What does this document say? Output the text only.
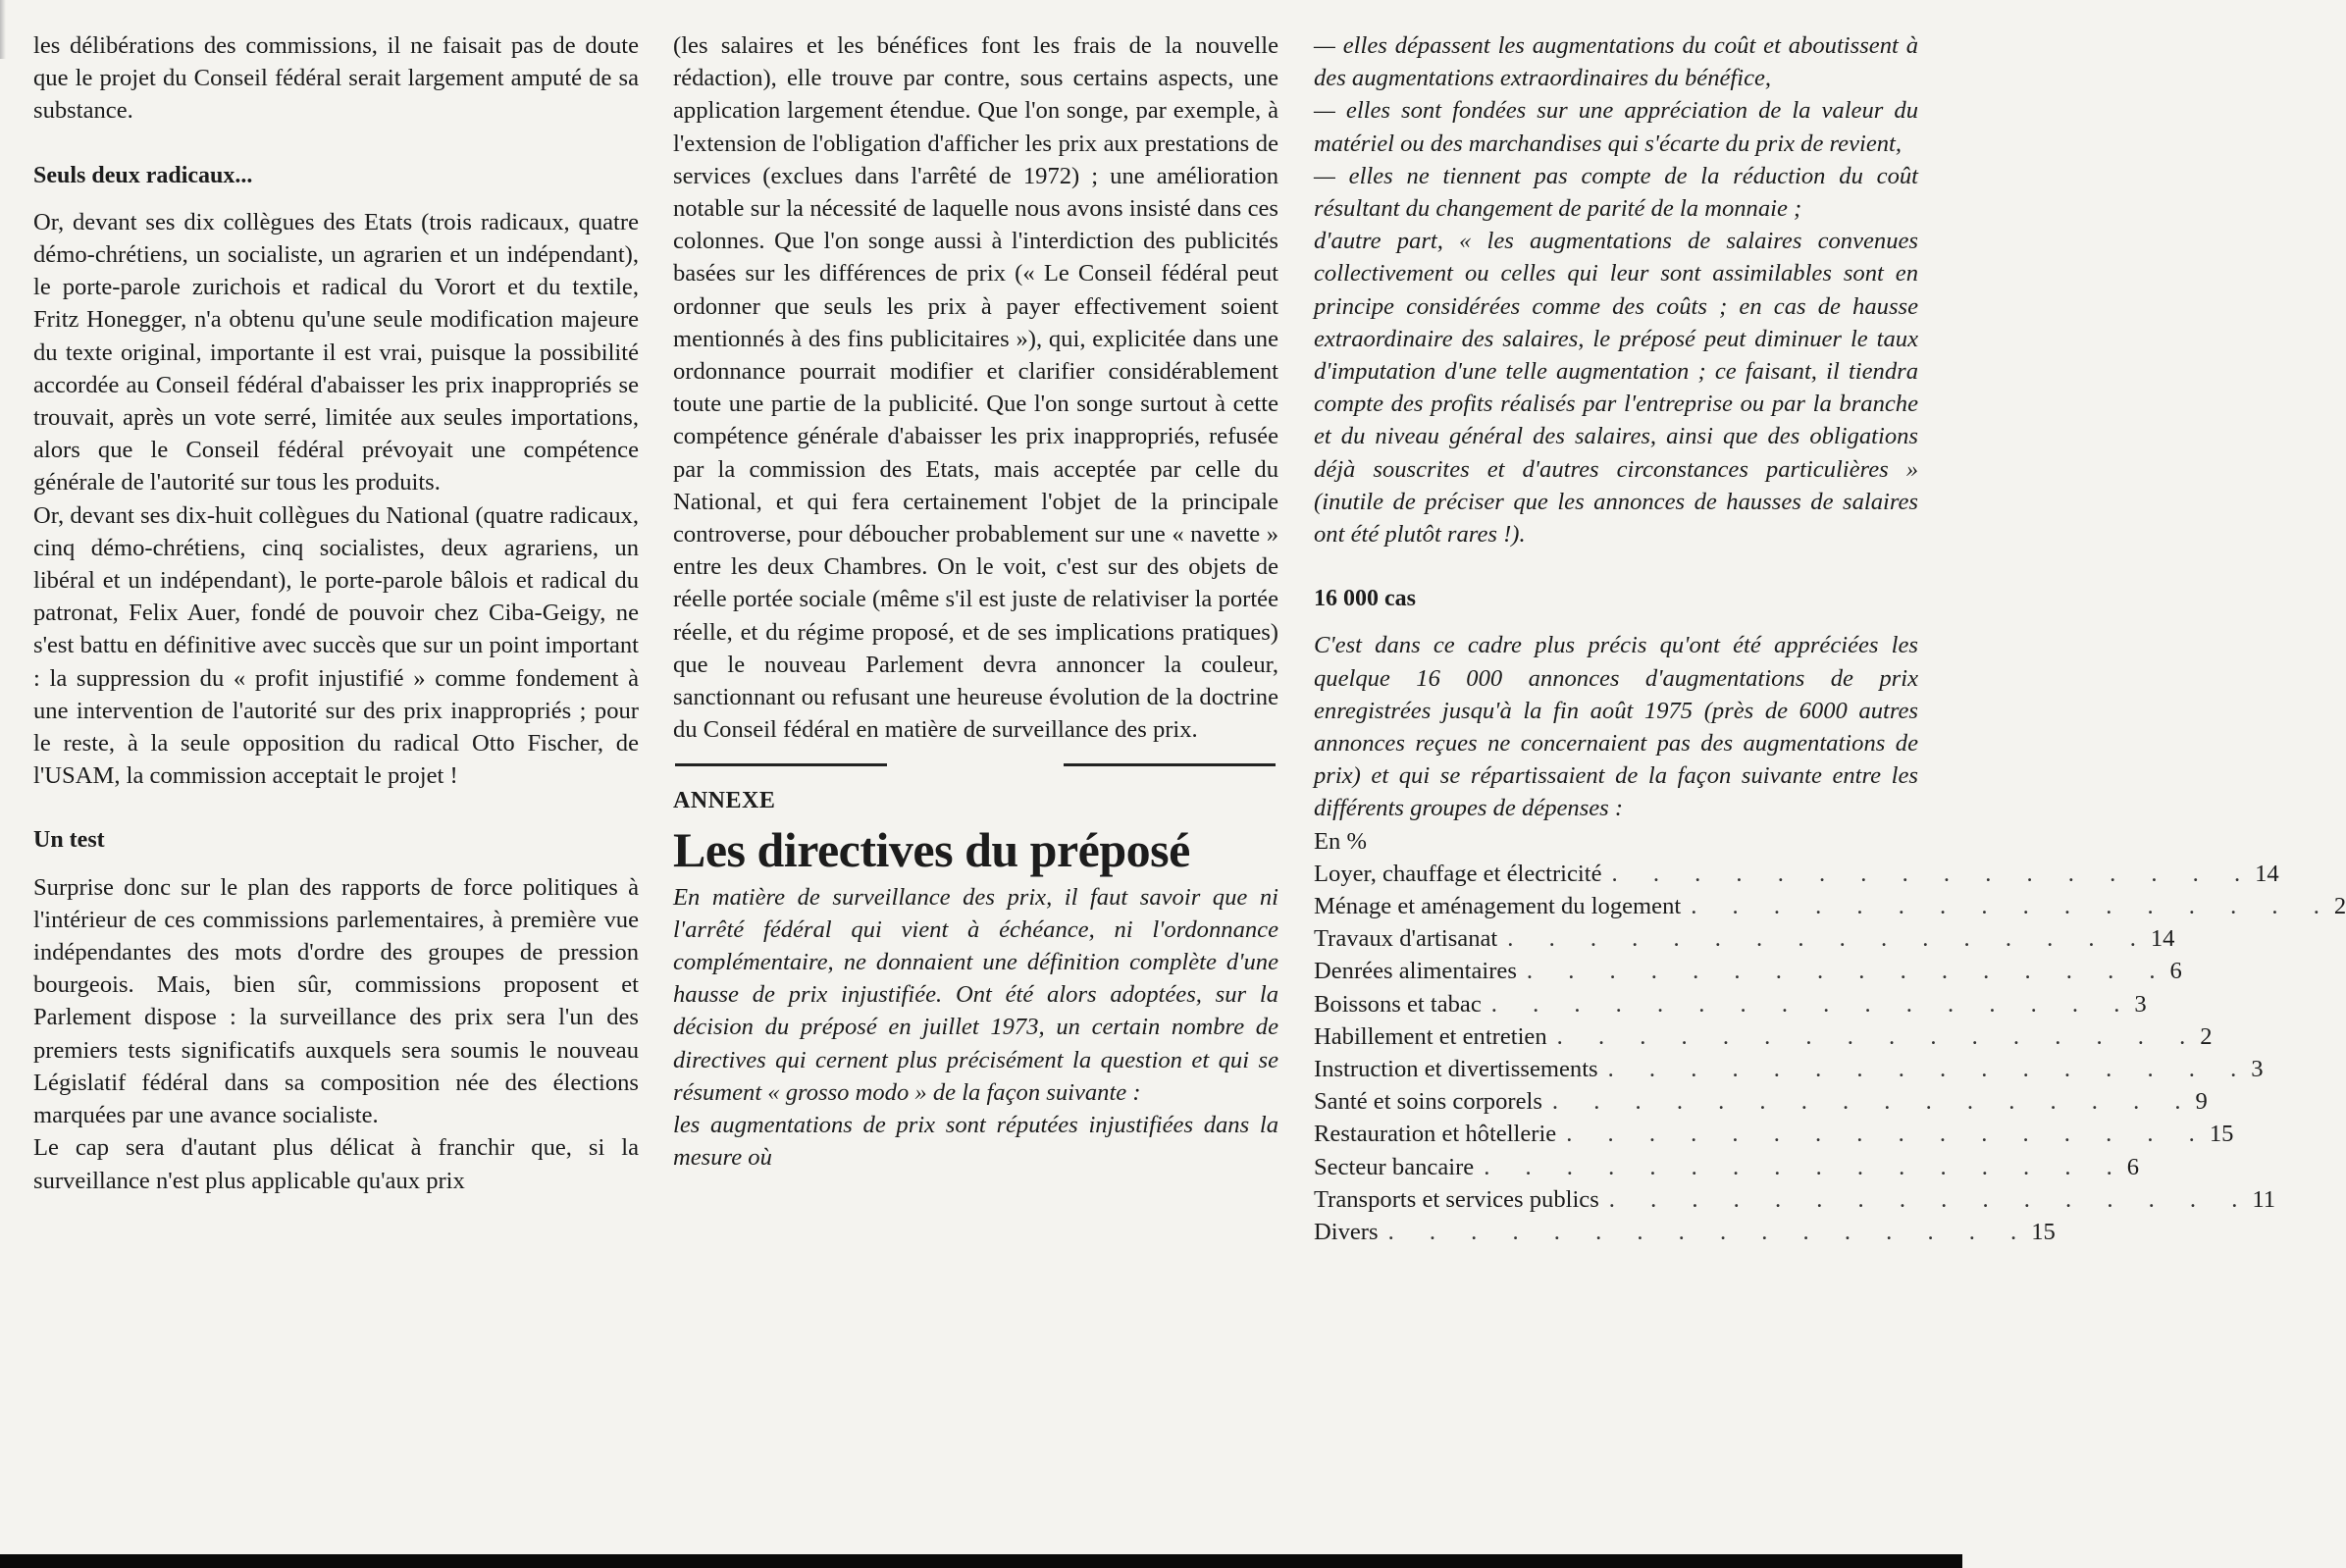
les délibérations des commissions, il ne faisait pas de doute que le projet du Conseil fédéral serait largement amputé de sa substance.

Seuls deux radicaux...

Or, devant ses dix collègues des Etats (trois radicaux, quatre démo-chrétiens, un socialiste, un agrarien et un indépendant), le porte-parole zurichois et radical du Vorort et du textile, Fritz Honegger, n'a obtenu qu'une seule modification majeure du texte original, importante il est vrai, puisque la possibilité accordée au Conseil fédéral d'abaisser les prix inappropriés se trouvait, après un vote serré, limitée aux seules importations, alors que le Conseil fédéral prévoyait une compétence générale de l'autorité sur tous les produits.

Or, devant ses dix-huit collègues du National (quatre radicaux, cinq démo-chrétiens, cinq socialistes, deux agrariens, un libéral et un indépendant), le porte-parole bâlois et radical du patronat, Felix Auer, fondé de pouvoir chez Ciba-Geigy, ne s'est battu en définitive avec succès que sur un point important : la suppression du « profit injustifié » comme fondement à une intervention de l'autorité sur des prix inappropriés ; pour le reste, à la seule opposition du radical Otto Fischer, de l'USAM, la commission acceptait le projet !

Un test

Surprise donc sur le plan des rapports de force politiques à l'intérieur de ces commissions parlementaires, à première vue indépendantes des mots d'ordre des groupes de pression bourgeois. Mais, bien sûr, commissions proposent et Parlement dispose : la surveillance des prix sera l'un des premiers tests significatifs auxquels sera soumis le nouveau Législatif fédéral dans sa composition née des élections marquées par une avance socialiste.

Le cap sera d'autant plus délicat à franchir que, si la surveillance n'est plus applicable qu'aux prix

(les salaires et les bénéfices font les frais de la nouvelle rédaction), elle trouve par contre, sous certains aspects, une application largement étendue. Que l'on songe, par exemple, à l'extension de l'obligation d'afficher les prix aux prestations de services (exclues dans l'arrêté de 1972) ; une amélioration notable sur la nécessité de laquelle nous avons insisté dans ces colonnes. Que l'on songe aussi à l'interdiction des publicités basées sur les différences de prix (« Le Conseil fédéral peut ordonner que seuls les prix à payer effectivement soient mentionnés à des fins publicitaires »), qui, explicitée dans une ordonnance pourrait modifier et clarifier considérablement toute une partie de la publicité. Que l'on songe surtout à cette compétence générale d'abaisser les prix inappropriés, refusée par la commission des Etats, mais acceptée par celle du National, et qui fera certainement l'objet de la principale controverse, pour déboucher probablement sur une « navette » entre les deux Chambres. On le voit, c'est sur des objets de réelle portée sociale (même s'il est juste de relativiser la portée réelle, et du régime proposé, et de ses implications pratiques) que le nouveau Parlement devra annoncer la couleur, sanctionnant ou refusant une heureuse évolution de la doctrine du Conseil fédéral en matière de surveillance des prix.

ANNEXE

Les directives du préposé

En matière de surveillance des prix, il faut savoir que ni l'arrêté fédéral qui vient à échéance, ni l'ordonnance complémentaire, ne donnaient une définition complète d'une hausse de prix injustifiée. Ont été alors adoptées, sur la décision du préposé en juillet 1973, un certain nombre de directives qui cernent plus précisément la question et qui se résument « grosso modo » de la façon suivante :

les augmentations de prix sont réputées injustifiées dans la mesure où

— elles dépassent les augmentations du coût et aboutissent à des augmentations extraordinaires du bénéfice,

— elles sont fondées sur une appréciation de la valeur du matériel ou des marchandises qui s'écarte du prix de revient,

— elles ne tiennent pas compte de la réduction du coût résultant du changement de parité de la monnaie ;

d'autre part, « les augmentations de salaires convenues collectivement ou celles qui leur sont assimilables sont en principe considérées comme des coûts ; en cas de hausse extraordinaire des salaires, le préposé peut diminuer le taux d'imputation d'une telle augmentation ; ce faisant, il tiendra compte des profits réalisés par l'entreprise ou par la branche et du niveau général des salaires, ainsi que des obligations déjà souscrites et d'autres circonstances particulières » (inutile de préciser que les annonces de hausses de salaires ont été plutôt rares !).

16 000 cas

C'est dans ce cadre plus précis qu'ont été appréciées les quelque 16 000 annonces d'augmentations de prix enregistrées jusqu'à la fin août 1975 (près de 6000 autres annonces reçues ne concernaient pas des augmentations de prix) et qui se répartissaient de la façon suivante entre les différents groupes de dépenses :

En %

Loyer, chauffage et électricité . . . . . . . . . . . . . . . . 14
Ménage et aménagement du logement . . . . . . . . . . . . . . . . 2
Travaux d'artisanat . . . . . . . . . . . . . . . . 14
Denrées alimentaires . . . . . . . . . . . . . . . . 6
Boissons et tabac . . . . . . . . . . . . . . . . 3
Habillement et entretien . . . . . . . . . . . . . . . . 2
Instruction et divertissements . . . . . . . . . . . . . . . . 3
Santé et soins corporels . . . . . . . . . . . . . . . . 9
Restauration et hôtellerie . . . . . . . . . . . . . . . . 15
Secteur bancaire . . . . . . . . . . . . . . . . 6
Transports et services publics . . . . . . . . . . . . . . . . 11
Divers . . . . . . . . . . . . . . . . 15
